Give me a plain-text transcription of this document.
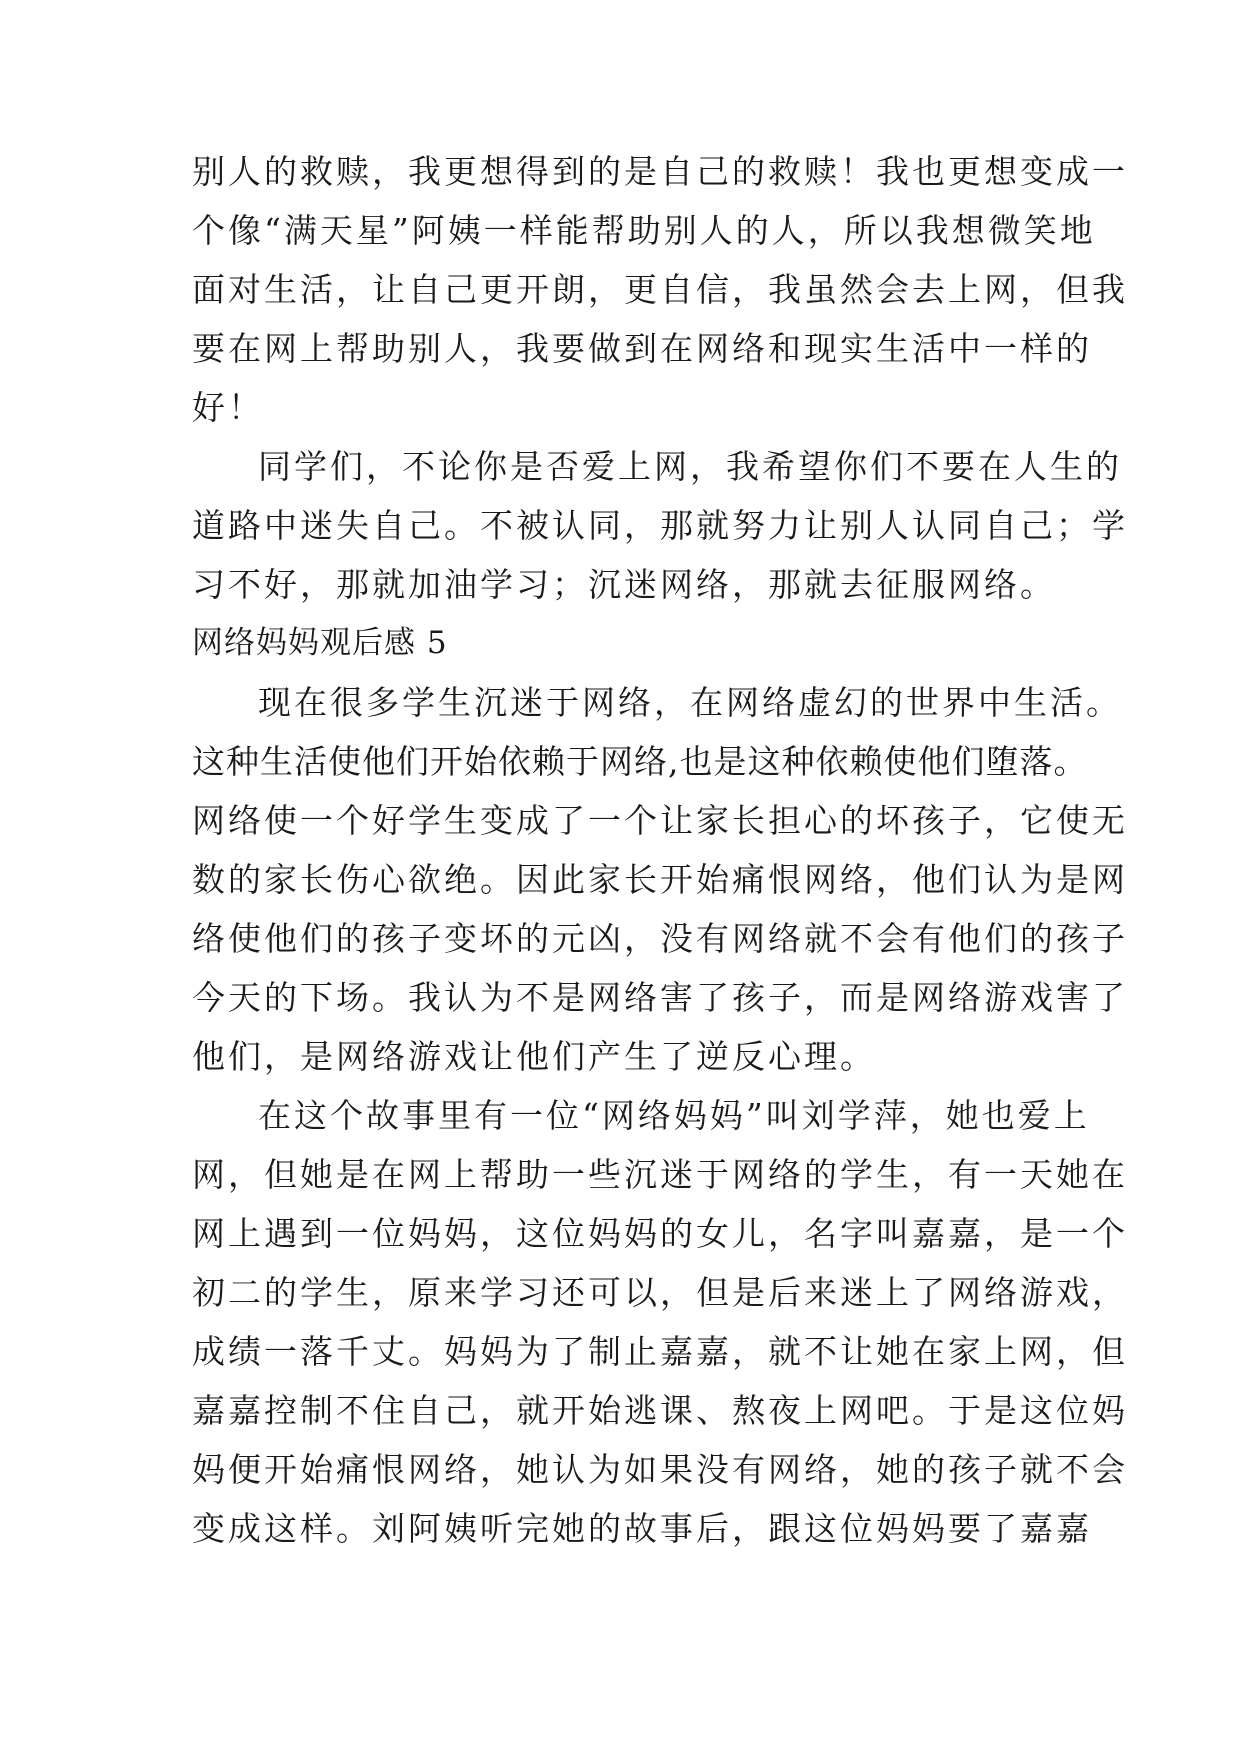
别人的救赎，我更想得到的是自己的救赎！我也更想变成一
个像“满天星”阿姨一样能帮助别人的人，所以我想微笑地
面对生活，让自己更开朗，更自信，我虽然会去上网，但我
要在网上帮助别人，我要做到在网络和现实生活中一样的
好！
同学们，不论你是否爱上网，我希望你们不要在人生的
道路中迷失自己。不被认同，那就努力让别人认同自己；学
习不好，那就加油学习；沉迷网络，那就去征服网络。
网络妈妈观后感 5
现在很多学生沉迷于网络，在网络虚幻的世界中生活。
这种生活使他们开始依赖于网络,也是这种依赖使他们堕落。
网络使一个好学生变成了一个让家长担心的坏孩子，它使无
数的家长伤心欲绝。因此家长开始痛恨网络，他们认为是网
络使他们的孩子变坏的元凶，没有网络就不会有他们的孩子
今天的下场。我认为不是网络害了孩子，而是网络游戏害了
他们，是网络游戏让他们产生了逆反心理。
在这个故事里有一位“网络妈妈”叫刘学萍，她也爱上
网，但她是在网上帮助一些沉迷于网络的学生，有一天她在
网上遇到一位妈妈，这位妈妈的女儿，名字叫嘉嘉，是一个
初二的学生，原来学习还可以，但是后来迷上了网络游戏，
成绩一落千丈。妈妈为了制止嘉嘉，就不让她在家上网，但
嘉嘉控制不住自己，就开始逃课、熬夜上网吧。于是这位妈
妈便开始痛恨网络，她认为如果没有网络，她的孩子就不会
变成这样。刘阿姨听完她的故事后，跟这位妈妈要了嘉嘉
